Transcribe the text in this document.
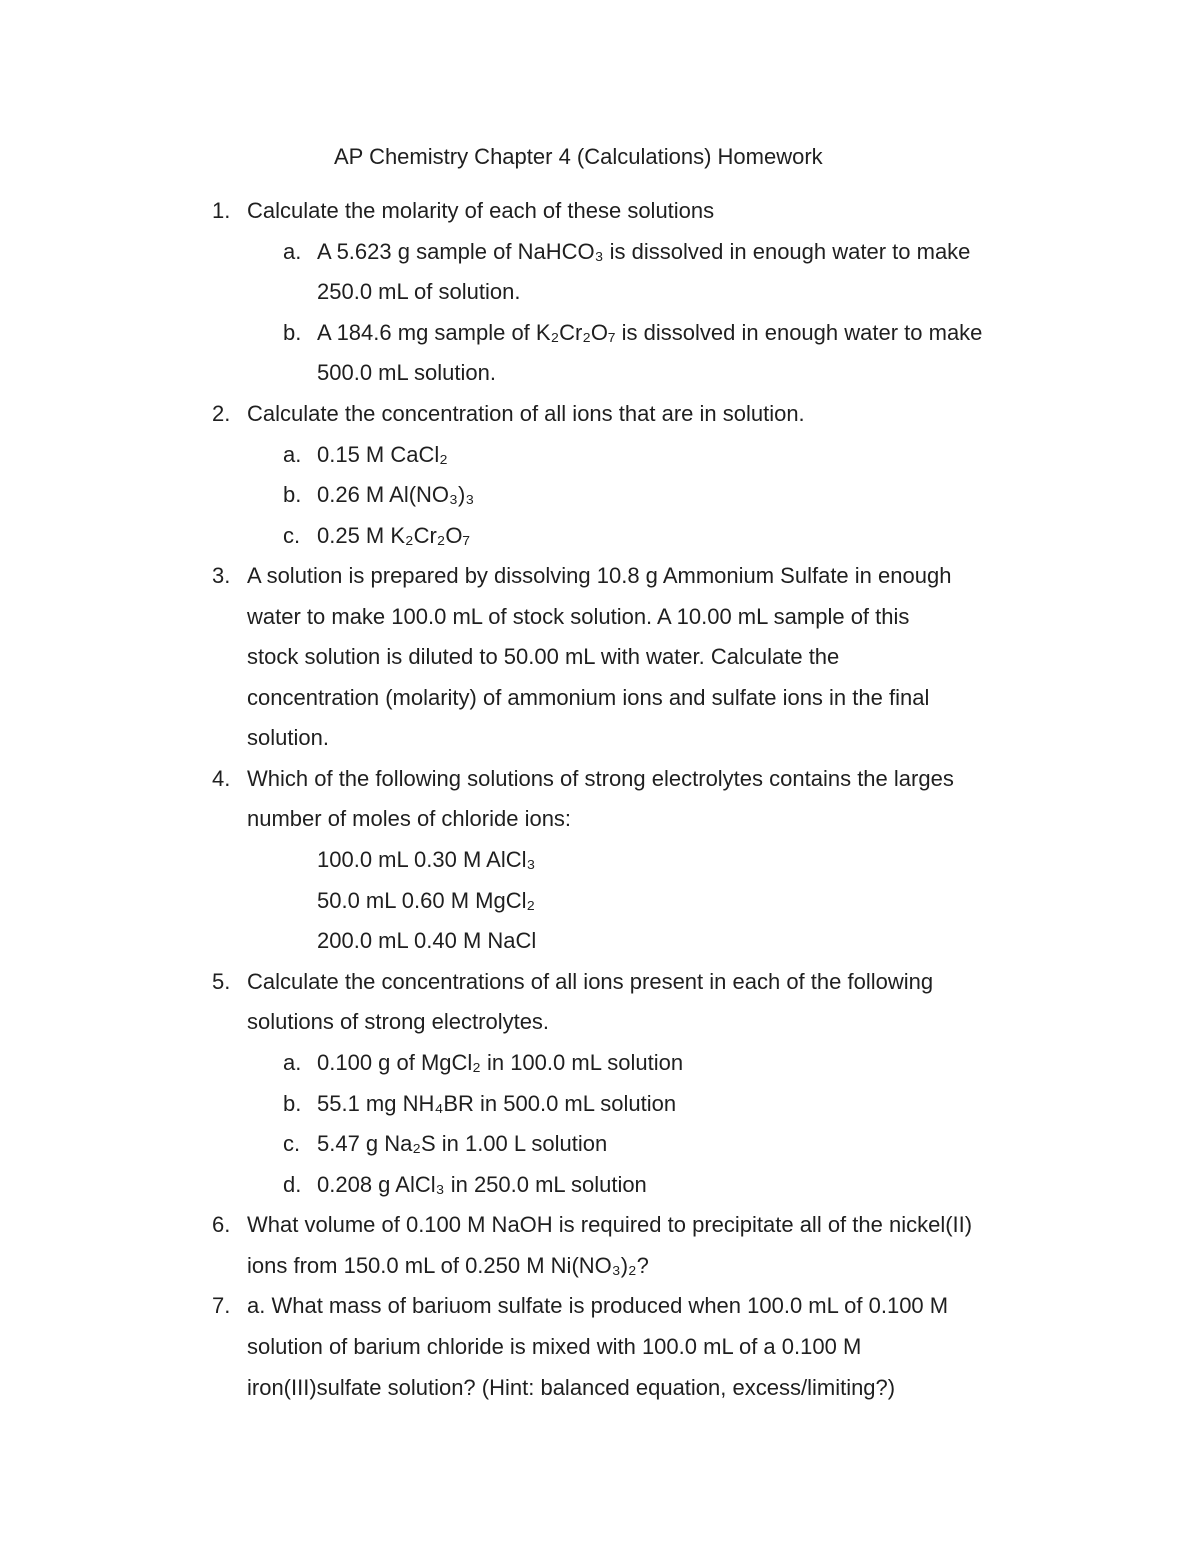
AP Chemistry Chapter 4 (Calculations) Homework
1. Calculate the molarity of each of these solutions
a. A 5.623 g sample of NaHCO₃ is dissolved in enough water to make
250.0 mL of solution.
b. A 184.6 mg sample of K₂Cr₂O₇ is dissolved in enough water to make
500.0 mL solution.
2. Calculate the concentration of all ions that are in solution.
a. 0.15 M CaCl₂
b. 0.26 M Al(NO₃)₃
c. 0.25 M K₂Cr₂O₇
3. A solution is prepared by dissolving 10.8 g Ammonium Sulfate in enough
water to make 100.0 mL of stock solution. A 10.00 mL sample of this
stock solution is diluted to 50.00 mL with water. Calculate the
concentration (molarity) of ammonium ions and sulfate ions in the final
solution.
4. Which of the following solutions of strong electrolytes contains the larges
number of moles of chloride ions:
100.0 mL 0.30 M AlCl₃
50.0 mL 0.60 M MgCl₂
200.0 mL 0.40 M NaCl
5. Calculate the concentrations of all ions present in each of the following
solutions of strong electrolytes.
a. 0.100 g of MgCl₂ in 100.0 mL solution
b. 55.1 mg NH₄BR in 500.0 mL solution
c. 5.47 g Na₂S in 1.00 L solution
d. 0.208 g AlCl₃ in 250.0 mL solution
6. What volume of 0.100 M NaOH is required to precipitate all of the nickel(II)
ions from 150.0 mL of 0.250 M Ni(NO₃)₂?
7. a. What mass of bariuom sulfate is produced when 100.0 mL of 0.100 M
solution of barium chloride is mixed with 100.0 mL of a 0.100 M
iron(III)sulfate solution? (Hint: balanced equation, excess/limiting?)
